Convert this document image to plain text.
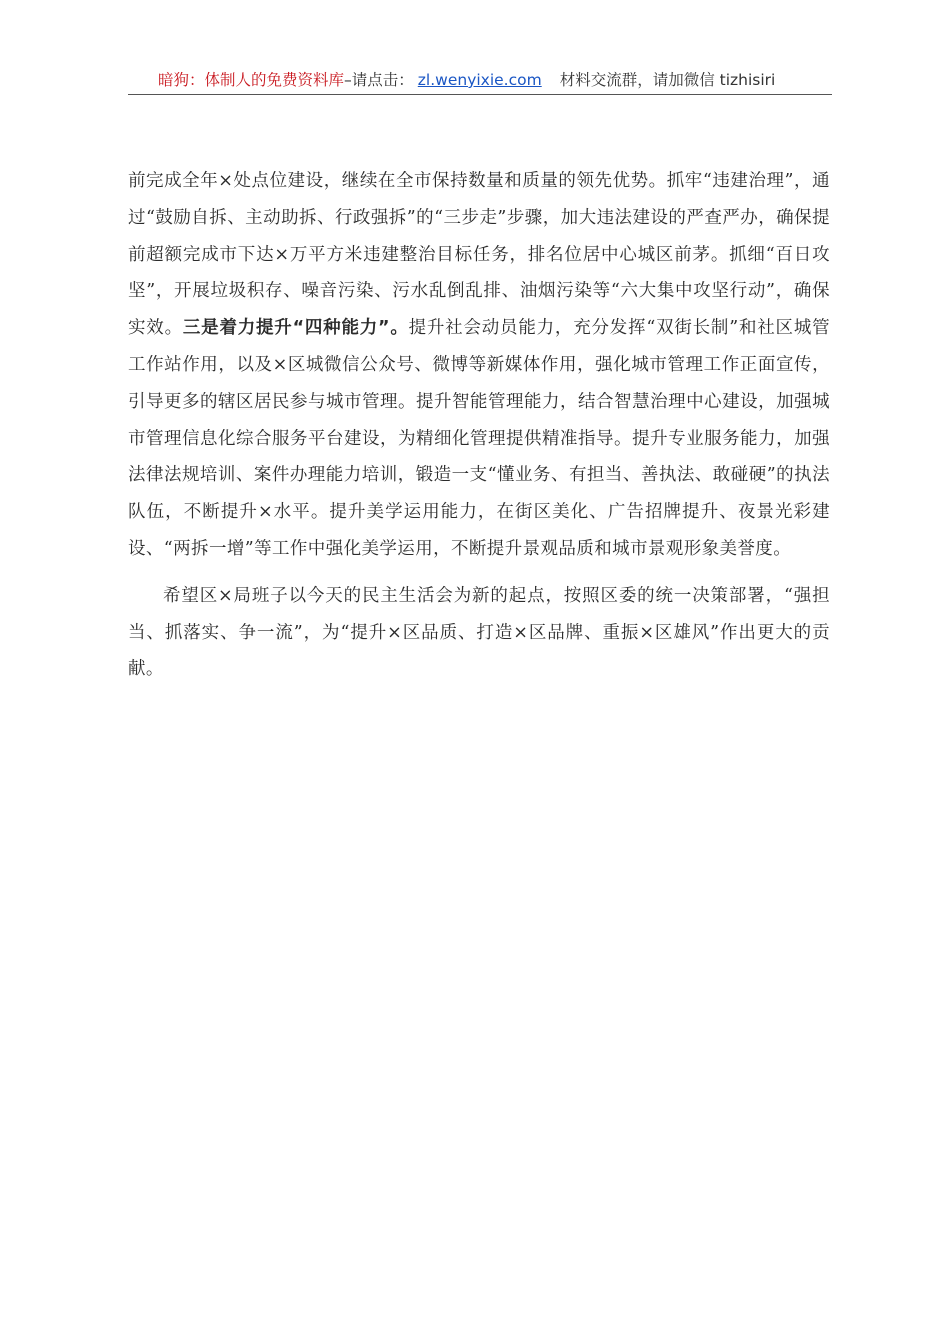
暗狗：体制人的免费资料库–请点击： zl.wenyixie.com 材料交流群，请加微信 tizhisiri

前完成全年×处点位建设，继续在全市保持数量和质量的领先优势。抓牢“违建治理”，通过“鼓励自拆、主动助拆、行政强拆”的“三步走”步骤，加大违法建设的严查严办，确保提前超额完成市下达×万平方米违建整治目标任务，排名位居中心城区前茅。抓细“百日攻坚”，开展垃圾积存、噪音污染、污水乱倒乱排、油烟污染等“六大集中攻坚行动”，确保实效。三是着力提升“四种能力”。提升社会动员能力，充分发挥“双街长制”和社区城管工作站作用，以及×区城微信公众号、微博等新媒体作用，强化城市管理工作正面宣传，引导更多的辖区居民参与城市管理。提升智能管理能力，结合智慧治理中心建设，加强城市管理信息化综合服务平台建设，为精细化管理提供精准指导。提升专业服务能力，加强法律法规培训、案件办理能力培训，锻造一支“懂业务、有担当、善执法、敢碰硬”的执法队伍，不断提升×水平。提升美学运用能力，在街区美化、广告招牌提升、夜景光彩建设、“两拆一增”等工作中强化美学运用，不断提升景观品质和城市景观形象美誉度。

希望区×局班子以今天的民主生活会为新的起点，按照区委的统一决策部署，“强担当、抓落实、争一流”，为“提升×区品质、打造×区品牌、重振×区雄风”作出更大的贡献。
